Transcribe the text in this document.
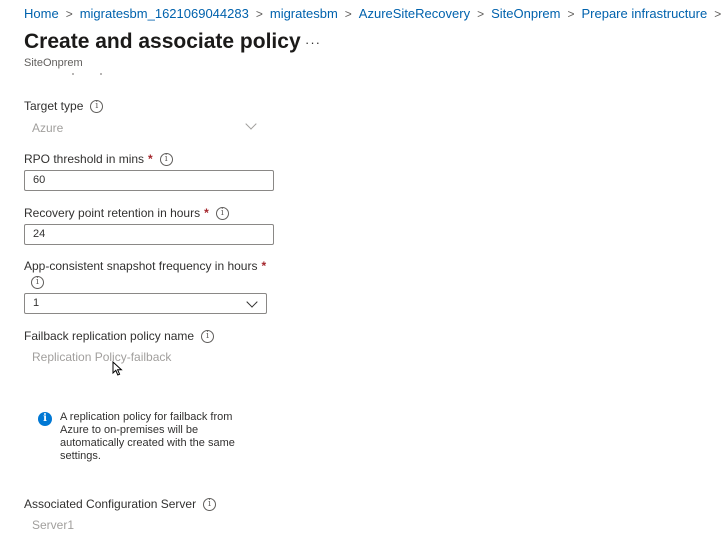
Home > migratesbm_1621069044283 > migratesbm > AzureSiteRecovery > SiteOnprem > Prepare infrastructure >
Create and associate policy ···
SiteOnprem
Target type	i
Azure
RPO threshold in mins *	i
60
Recovery point retention in hours *	i
24
App-consistent snapshot frequency in hours *
i
1
Failback replication policy name	i
Replication Policy-failback
i	A replication policy for failback from Azure to on-premises will be automatically created with the same settings.
Associated Configuration Server	i
Server1
